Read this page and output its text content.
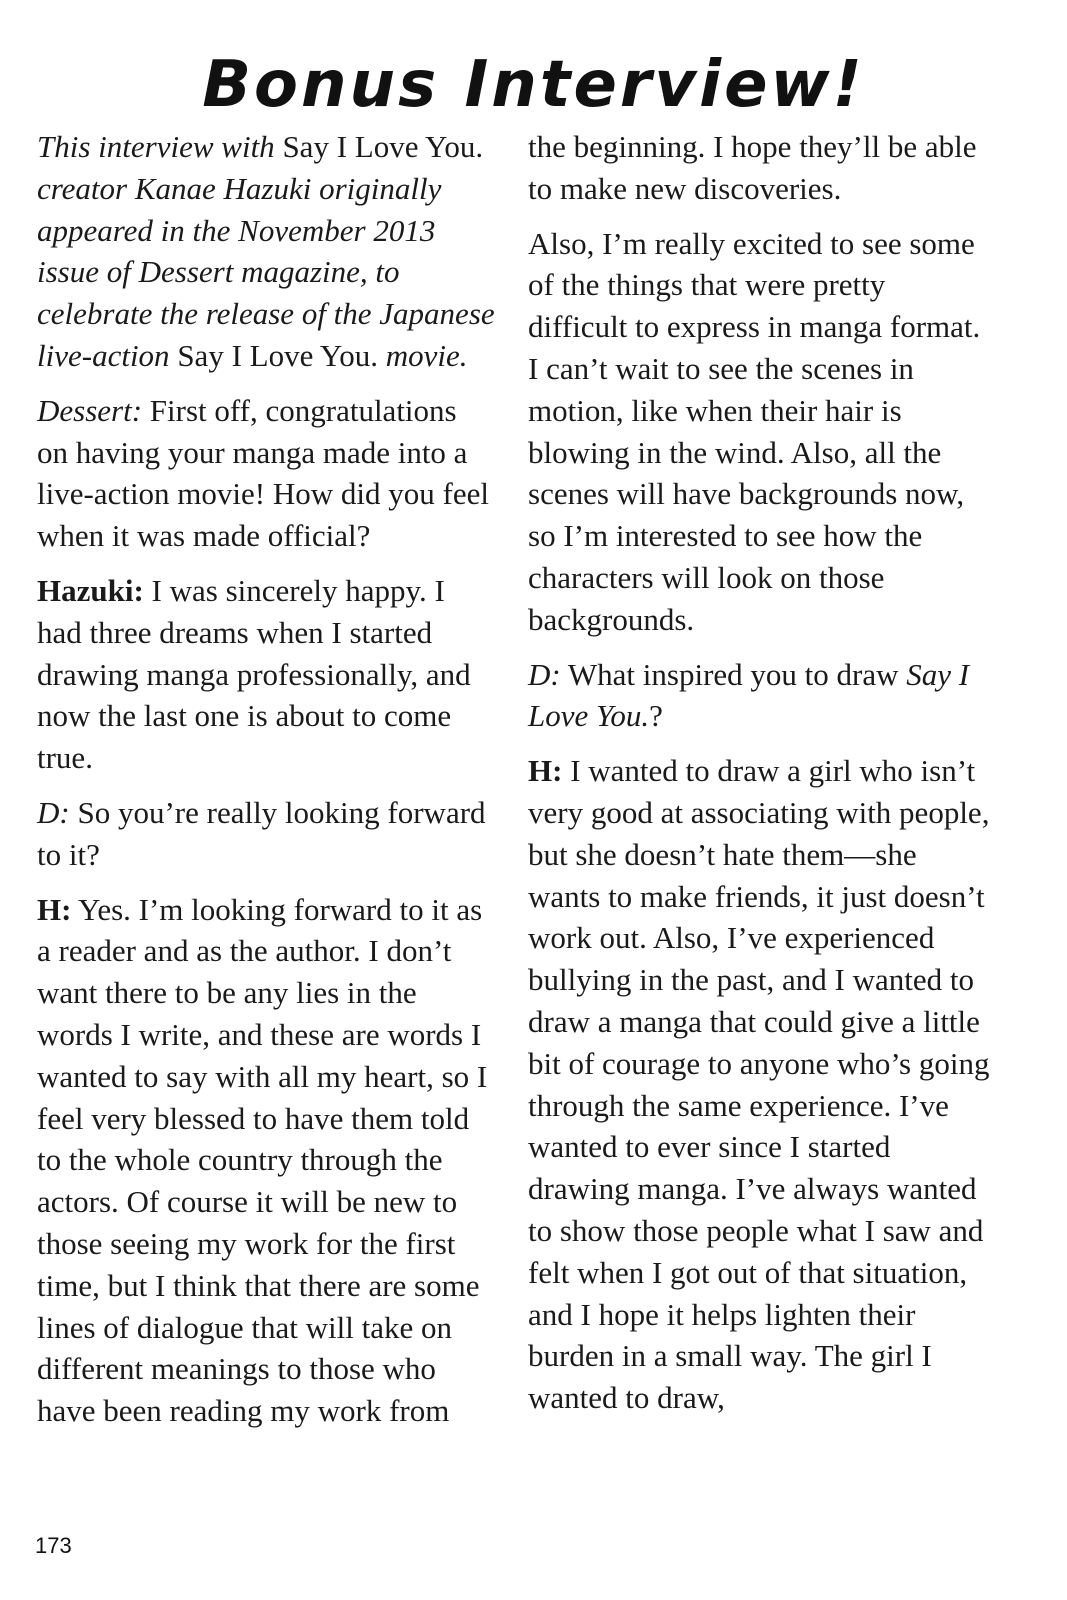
Bonus Interview!

This interview with Say I Love You. creator Kanae Hazuki originally appeared in the November 2013 issue of Dessert magazine, to celebrate the release of the Japanese live-action Say I Love You. movie.

Dessert: First off, congratulations on having your manga made into a live-action movie! How did you feel when it was made official?

Hazuki: I was sincerely happy. I had three dreams when I started drawing manga professionally, and now the last one is about to come true.

D: So you’re really looking forward to it?

H: Yes. I’m looking forward to it as a reader and as the author. I don’t want there to be any lies in the words I write, and these are words I wanted to say with all my heart, so I feel very blessed to have them told to the whole country through the actors. Of course it will be new to those seeing my work for the first time, but I think that there are some lines of dialogue that will take on different meanings to those who have been reading my work from

the beginning. I hope they’ll be able to make new discoveries.

Also, I’m really excited to see some of the things that were pretty difficult to express in manga format. I can’t wait to see the scenes in motion, like when their hair is blowing in the wind. Also, all the scenes will have backgrounds now, so I’m interested to see how the characters will look on those backgrounds.

D: What inspired you to draw Say I Love You.?

H: I wanted to draw a girl who isn’t very good at associating with people, but she doesn’t hate them—she wants to make friends, it just doesn’t work out. Also, I’ve experienced bullying in the past, and I wanted to draw a manga that could give a little bit of courage to anyone who’s going through the same experience. I’ve wanted to ever since I started drawing manga. I’ve always wanted to show those people what I saw and felt when I got out of that situation, and I hope it helps lighten their burden in a small way. The girl I wanted to draw,

173
